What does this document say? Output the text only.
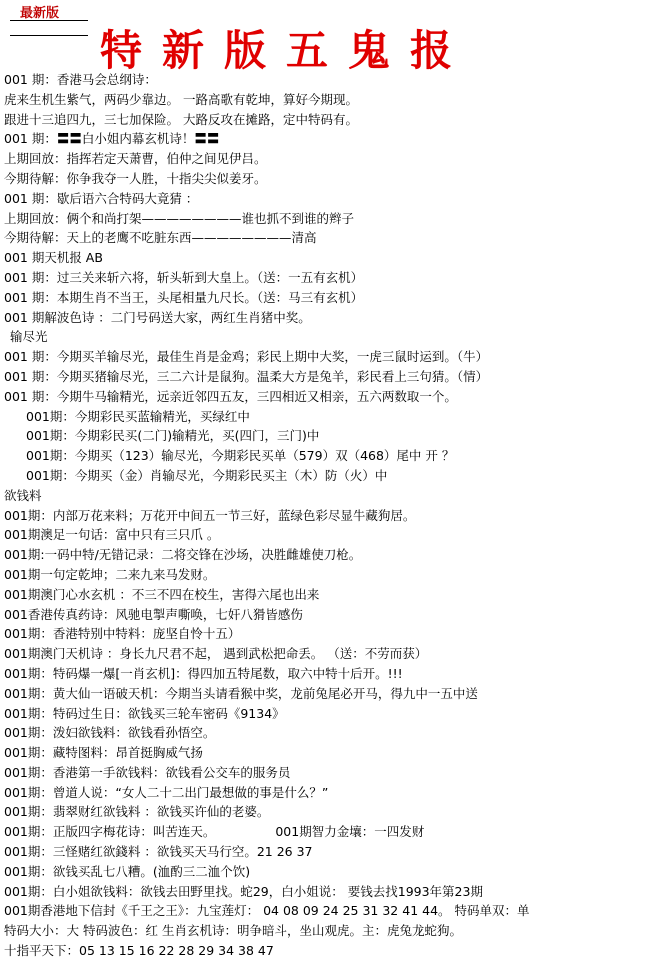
最新版
特新版五鬼报
001 期：香港马会总纲诗：
虎来生机生紫气，两码少靠边。 一路高歌有乾坤，算好今期现。
跟进十三追四九，三七加保险。 大路反攻在摊路，定中特码有。
001 期：〓〓白小姐内幕玄机诗！〓〓
上期回放：指挥若定天萧曹，伯仲之间见伊吕。
今期待解：你争我夺一人胜，十指尖尖似姜牙。
001 期：歇后语六合特码大竟猜 ：
上期回放：俩个和尚打架————————谁也抓不到谁的辫子
今期待解：天上的老鹰不吃脏东西————————清高
001 期天机报 AB
001 期：过三关来斩六将，斩头斩到大皇上。（送：一五有玄机）
001 期：本期生肖不当王，头尾相量九尺长。（送：马三有玄机）
001 期解波色诗 ：二门号码送大家，两红生肖猪中奖。
输尽光
001 期：今期买羊输尽光，最佳生肖是金鸡；彩民上期中大奖，一虎三鼠时运到。（牛）
001 期：今期买猪输尽光，三二六计是鼠狗。温柔大方是兔羊，彩民看上三句猜。（情）
001 期：今期牛马输精光，远亲近邻四五友，三四相近又相亲，五六两数取一个。
001期：今期彩民买蓝输精光，买绿红中
001期：今期彩民买(二门)输精光，买(四门，三门)中
001期：今期买（123）输尽光，今期彩民买单（579）双（468）尾中 开 ？
001期：今期买（金）肖输尽光，今期彩民买主（木）防（火）中
欲钱料
001期：内部万花来料；万花开中间五一节三好，蓝绿色彩尽显牛藏狗居。
001期澳足一句话：富中只有三只爪 。
001期:一码中特/无错记录：二将交锋在沙场，决胜雌雄使刀枪。
001期一句定乾坤；二来九来马发财。
001期澳门心水玄机 ：不三不四在校生，害得六尾也出来
001香港传真药诗：风驰电掣声嘶唤，七奸八猾皆感伤
001期：香港特别中特料：庞坚自怜十五）
001期澳门天机诗 ：身长九尺君不起， 遇到武松把命丢。 （送：不劳而获）
001期：特码爆一爆[一肖玄机]：得四加五特尾数，取六中特十后开。!!!
001期：黄大仙一语破天机：今期当头请看猴中奖，龙前兔尾必开马，得九中一五中送
001期：特码过生日：欲钱买三轮车密码《9134》
001期：泼妇欲钱料：欲钱看孙悟空。
001期：藏特图料：昂首挺胸威气扬
001期：香港第一手欲钱料：欲钱看公交车的服务员
001期：曾道人说：“女人二十二出门最想做的事是什么？”
001期：翡翠财红欲钱料 ：欲钱买许仙的老婆。
001期：正版四字梅花诗：叫苦连天。	001期智力金壤：一四发财
001期：三怪赌红欲錢料 ：欲钱买天马行空。21 26 37
001期：欲钱买乱七八糟。(洫酌三二洫个饮)
001期：白小姐欲钱料：欲钱去田野里找。蛇29，白小姐说： 要钱去找1993年第23期
001期香港地下信封《千王之王》：九宝莲灯： 04 08 09 24 25 31 32 41 44。 特码单双：单
特码大小：大 特码波色：红 生肖玄机诗：明争暗斗，坐山观虎。主：虎兔龙蛇狗。
十指平天下：05 13 15 16 22 28 29 34 38 47
